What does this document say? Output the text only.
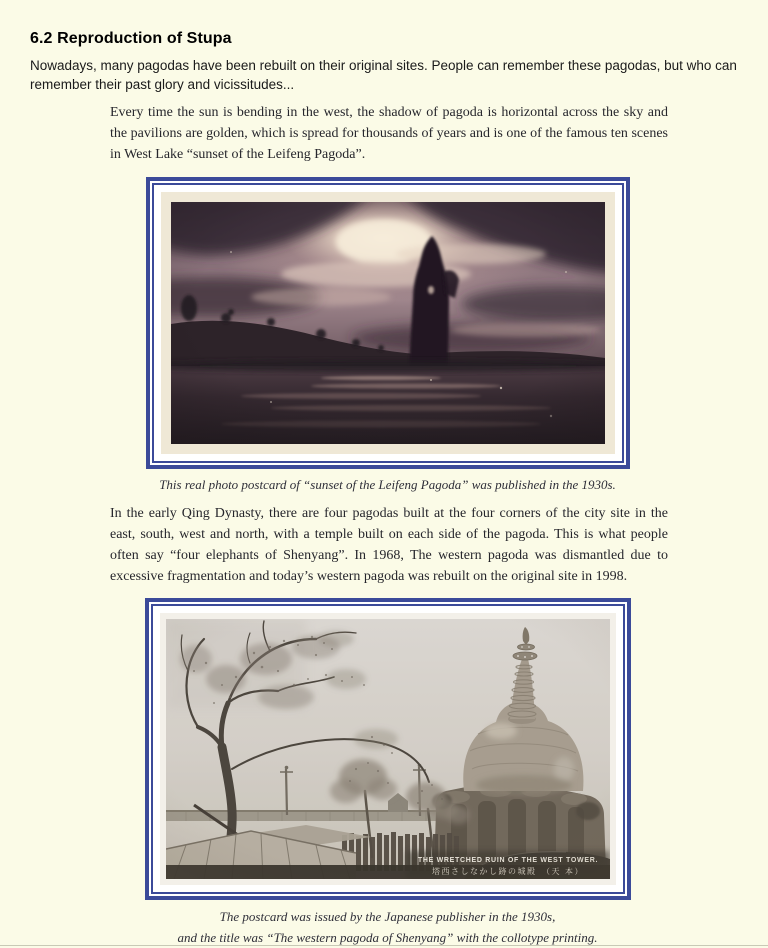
6.2 Reproduction of Stupa

Nowadays, many pagodas have been rebuilt on their original sites. People can remember these pagodas, but who can remember their past glory and vicissitudes...

Every time the sun is bending in the west, the shadow of pagoda is horizontal across the sky and the pavilions are golden, which is spread for thousands of years and is one of the famous ten scenes in West Lake “sunset of the Leifeng Pagoda”.

This real photo postcard of “sunset of the Leifeng Pagoda” was published in the 1930s.

In the early Qing Dynasty, there are four pagodas built at the four corners of the city site in the east, south, west and north, with a temple built on each side of the pagoda. This is what people often say “four elephants of Shenyang”. In 1968, The western pagoda was dismantled due to excessive fragmentation and today’s western pagoda was rebuilt on the original site in 1998.

The postcard was issued by the Japanese publisher in the 1930s,
and the title was “The western pagoda of Shenyang” with the collotype printing.
